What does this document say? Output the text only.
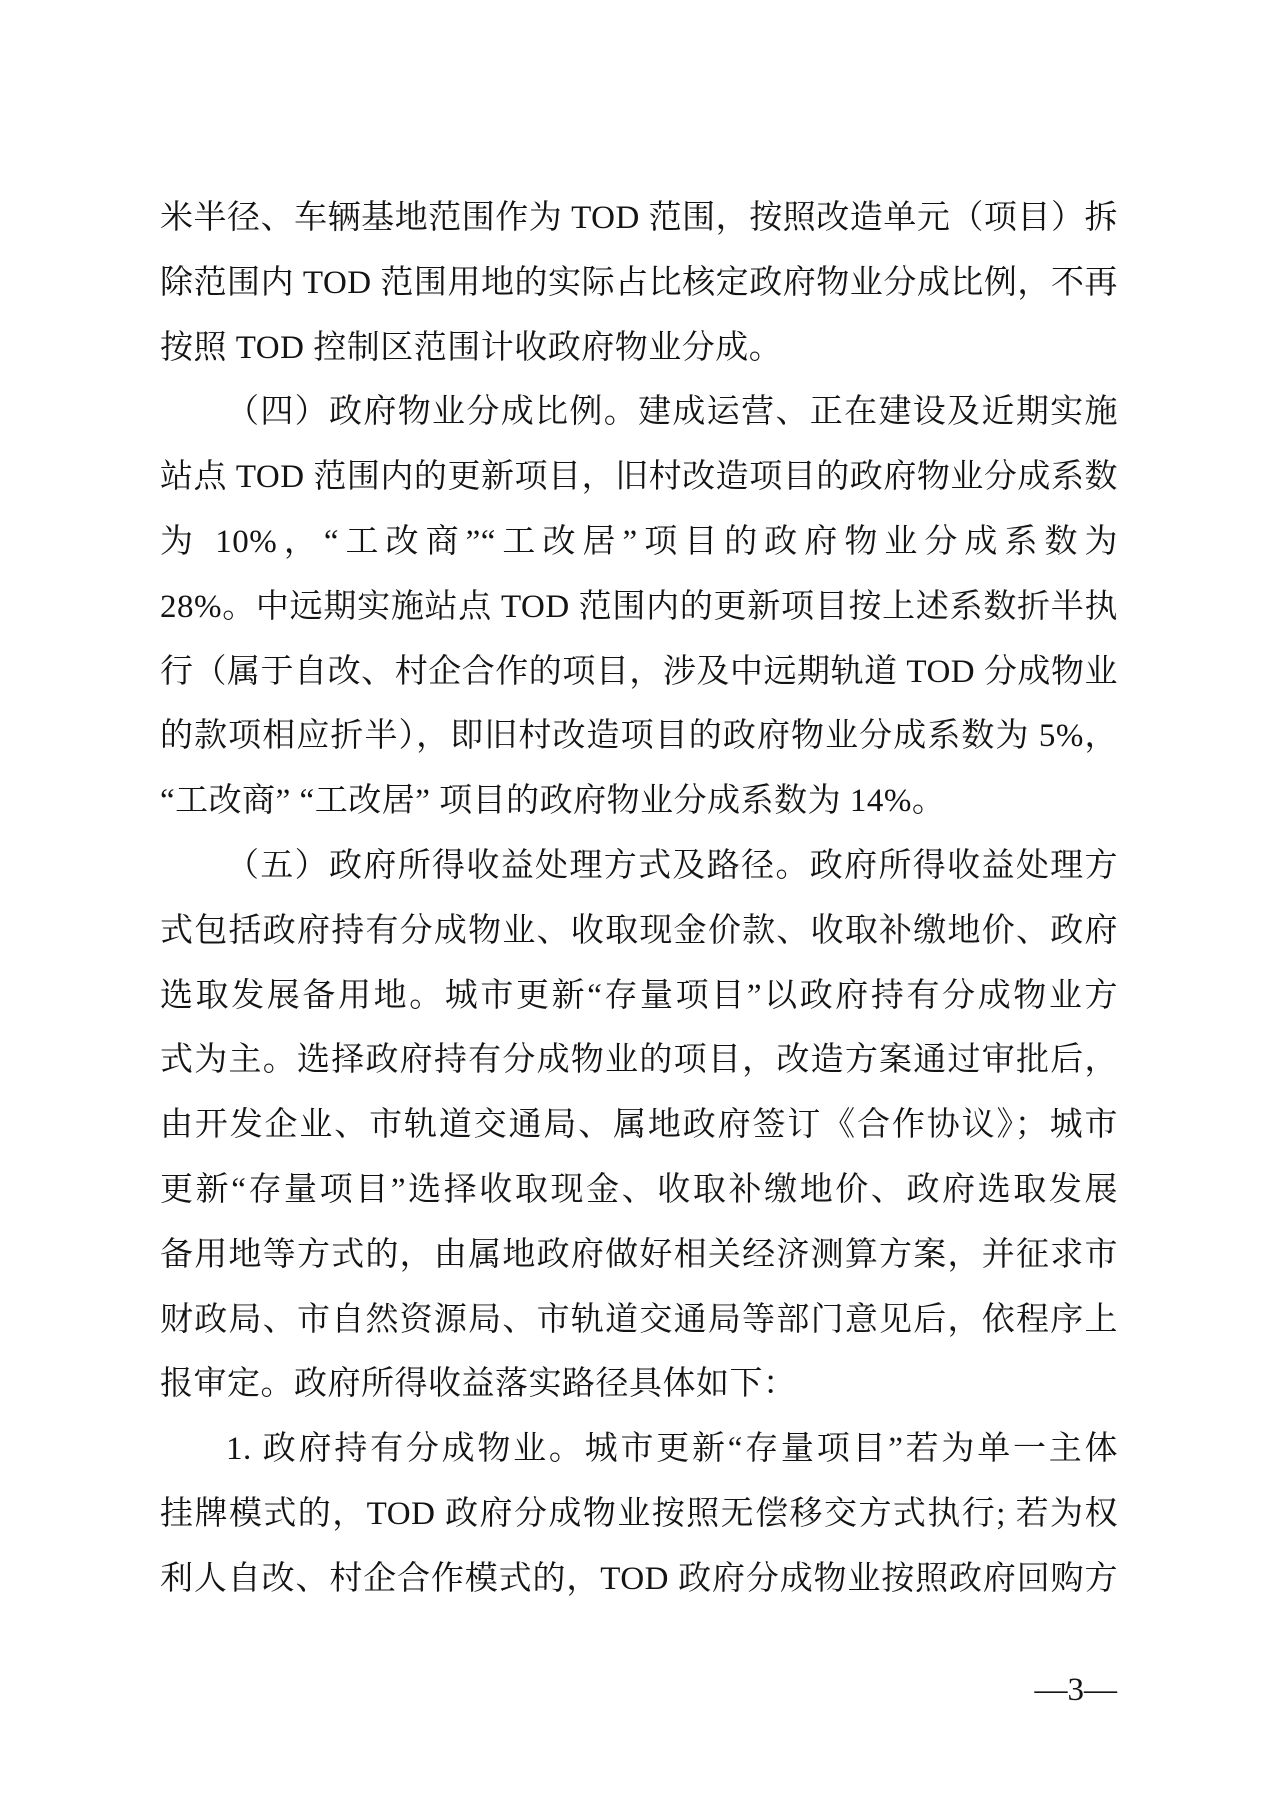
米半径、车辆基地范围作为 TOD 范围，按照改造单元（项目）拆
除范围内 TOD 范围用地的实际占比核定政府物业分成比例，不再
按照 TOD 控制区范围计收政府物业分成。
（四）政府物业分成比例。建成运营、正在建设及近期实施
站点 TOD 范围内的更新项目，旧村改造项目的政府物业分成系数
为 10%，“工改商”“工改居”项目的政府物业分成系数为
28%。中远期实施站点 TOD 范围内的更新项目按上述系数折半执
行（属于自改、村企合作的项目，涉及中远期轨道 TOD 分成物业
的款项相应折半），即旧村改造项目的政府物业分成系数为 5%，
“工改商” “工改居” 项目的政府物业分成系数为 14%。
（五）政府所得收益处理方式及路径。政府所得收益处理方
式包括政府持有分成物业、收取现金价款、收取补缴地价、政府
选取发展备用地。城市更新“存量项目”以政府持有分成物业方
式为主。选择政府持有分成物业的项目，改造方案通过审批后，
由开发企业、市轨道交通局、属地政府签订《合作协议》；城市
更新“存量项目”选择收取现金、收取补缴地价、政府选取发展
备用地等方式的，由属地政府做好相关经济测算方案，并征求市
财政局、市自然资源局、市轨道交通局等部门意见后，依程序上
报审定。政府所得收益落实路径具体如下：
1. 政府持有分成物业。城市更新“存量项目”若为单一主体
挂牌模式的，TOD 政府分成物业按照无偿移交方式执行; 若为权
利人自改、村企合作模式的，TOD 政府分成物业按照政府回购方
—3—
